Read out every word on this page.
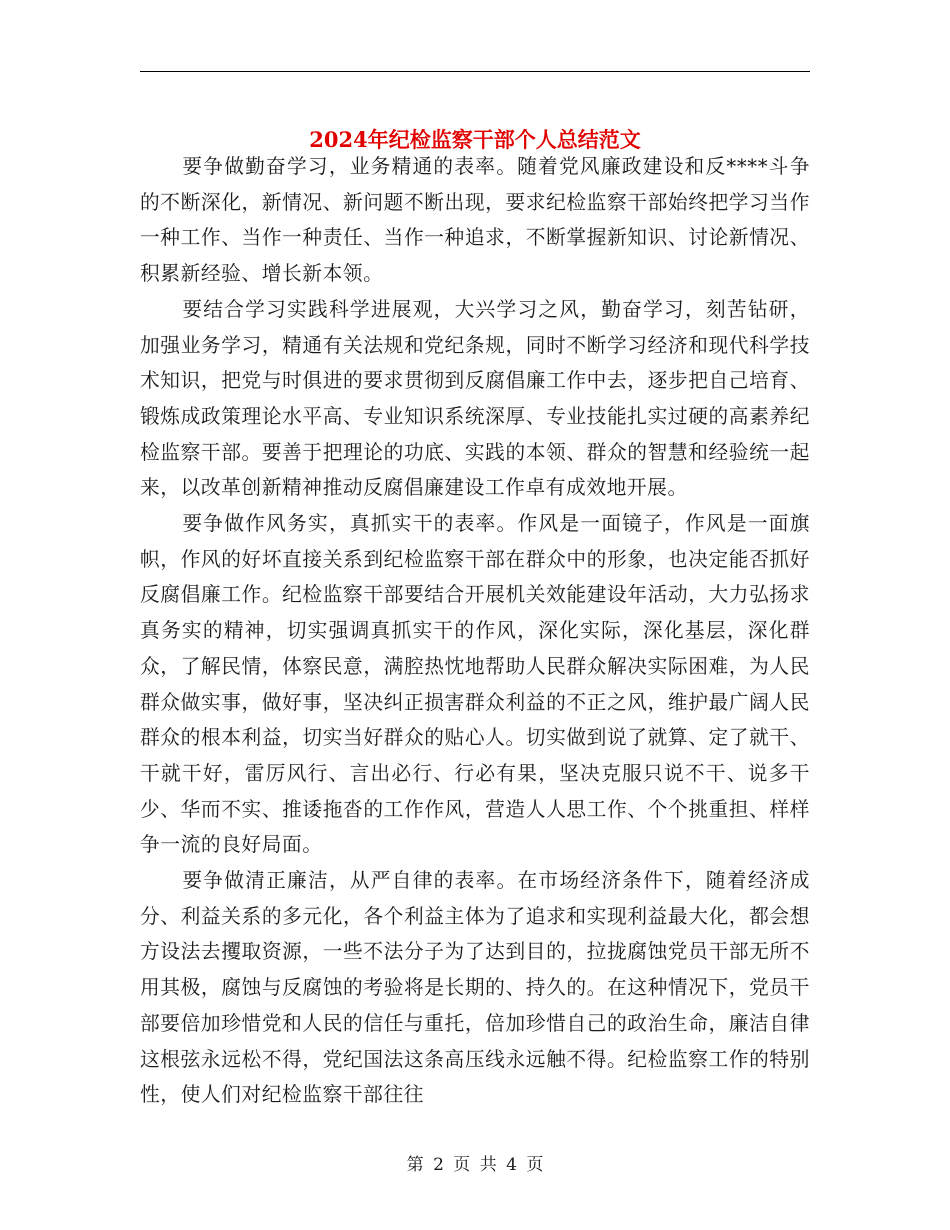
2024年纪检监察干部个人总结范文

要争做勤奋学习，业务精通的表率。随着党风廉政建设和反****斗争的不断深化，新情况、新问题不断出现，要求纪检监察干部始终把学习当作一种工作、当作一种责任、当作一种追求，不断掌握新知识、讨论新情况、积累新经验、增长新本领。

要结合学习实践科学进展观，大兴学习之风，勤奋学习，刻苦钻研，加强业务学习，精通有关法规和党纪条规，同时不断学习经济和现代科学技术知识，把党与时俱进的要求贯彻到反腐倡廉工作中去，逐步把自己培育、锻炼成政策理论水平高、专业知识系统深厚、专业技能扎实过硬的高素养纪检监察干部。要善于把理论的功底、实践的本领、群众的智慧和经验统一起来，以改革创新精神推动反腐倡廉建设工作卓有成效地开展。

要争做作风务实，真抓实干的表率。作风是一面镜子，作风是一面旗帜，作风的好坏直接关系到纪检监察干部在群众中的形象，也决定能否抓好反腐倡廉工作。纪检监察干部要结合开展机关效能建设年活动，大力弘扬求真务实的精神，切实强调真抓实干的作风，深化实际，深化基层，深化群众，了解民情，体察民意，满腔热忱地帮助人民群众解决实际困难，为人民群众做实事，做好事，坚决纠正损害群众利益的不正之风，维护最广阔人民群众的根本利益，切实当好群众的贴心人。切实做到说了就算、定了就干、干就干好，雷厉风行、言出必行、行必有果，坚决克服只说不干、说多干少、华而不实、推诿拖沓的工作作风，营造人人思工作、个个挑重担、样样争一流的良好局面。

要争做清正廉洁，从严自律的表率。在市场经济条件下，随着经济成分、利益关系的多元化，各个利益主体为了追求和实现利益最大化，都会想方设法去攫取资源，一些不法分子为了达到目的，拉拢腐蚀党员干部无所不用其极，腐蚀与反腐蚀的考验将是长期的、持久的。在这种情况下，党员干部要倍加珍惜党和人民的信任与重托，倍加珍惜自己的政治生命，廉洁自律这根弦永远松不得，党纪国法这条高压线永远触不得。纪检监察工作的特别性，使人们对纪检监察干部往往

第 2 页 共 4 页
